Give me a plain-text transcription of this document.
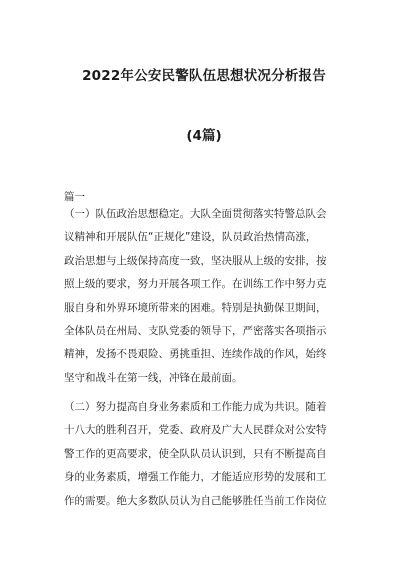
2022年公安民警队伍思想状况分析报告
(4篇)
篇一
（一）队伍政治思想稳定。大队全面贯彻落实特警总队会
议精神和开展队伍“正规化”建设，队员政治热情高涨，
政治思想与上级保持高度一致，坚决服从上级的安排，按
照上级的要求，努力开展各项工作。在训练工作中努力克
服自身和外界环境所带来的困难。特别是执勤保卫期间，
全体队员在州局、支队党委的领导下，严密落实各项指示
精神，发扬不畏艰险、勇挑重担、连续作战的作风，始终
坚守和战斗在第一线，冲锋在最前面。
（二）努力提高自身业务素质和工作能力成为共识。随着
十八大的胜利召开，党委、政府及广大人民群众对公安特
警工作的更高要求，使全队队员认识到，只有不断提高自
身的业务素质，增强工作能力，才能适应形势的发展和工
作的需要。绝大多数队员认为自己能够胜任当前工作岗位
